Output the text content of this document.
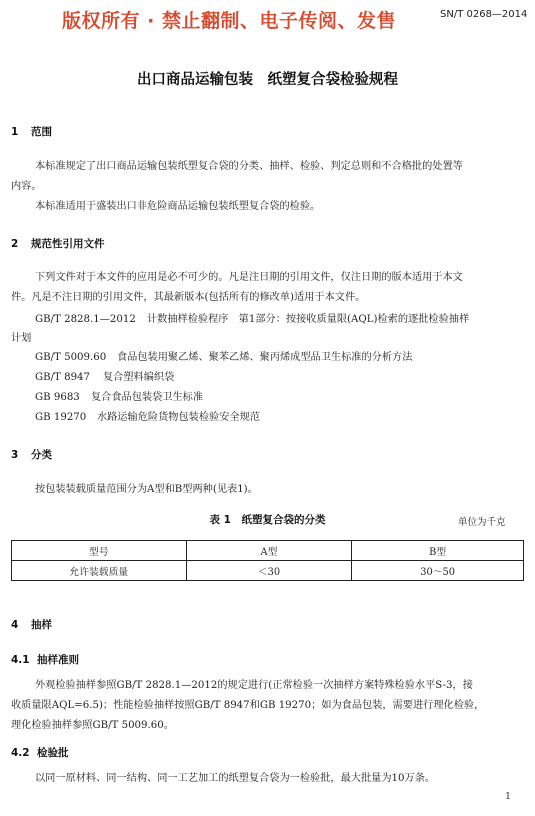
版权所有 · 禁止翻制、电子传阅、发售	SN/T 0268—2014
出口商品运输包装　纸塑复合袋检验规程
1 范围
本标准规定了出口商品运输包装纸塑复合袋的分类、抽样、检验、判定总则和不合格批的处置等
内容。
本标准适用于盛装出口非危险商品运输包装纸塑复合袋的检验。
2 规范性引用文件
下列文件对于本文件的应用是必不可少的。凡是注日期的引用文件，仅注日期的版本适用于本文
件。凡是不注日期的引用文件，其最新版本(包括所有的修改单)适用于本文件。
GB/T 2828.1—2012 计数抽样检验程序　第1部分：按接收质量限(AQL)检索的逐批检验抽样
计划
GB/T 5009.60 食品包装用聚乙烯、聚苯乙烯、聚丙烯成型品卫生标准的分析方法
GB/T 8947 复合塑料编织袋
GB 9683 复合食品包装袋卫生标准
GB 19270 水路运输危险货物包装检验安全规范
3 分类
按包装装载质量范围分为A型和B型两种(见表1)。
表 1　纸塑复合袋的分类	单位为千克
型号	A型	B型
允许装载质量	＜30	30～50
4 抽样
4.1 抽样准则
外观检验抽样参照GB/T 2828.1—2012的规定进行(正常检验一次抽样方案特殊检验水平S-3，接
收质量限AQL=6.5)；性能检验抽样按照GB/T 8947和GB 19270；如为食品包装，需要进行理化检验，
理化检验抽样参照GB/T 5009.60。
4.2 检验批
以同一原材料、同一结构、同一工艺加工的纸塑复合袋为一检验批，最大批量为10万条。
1
